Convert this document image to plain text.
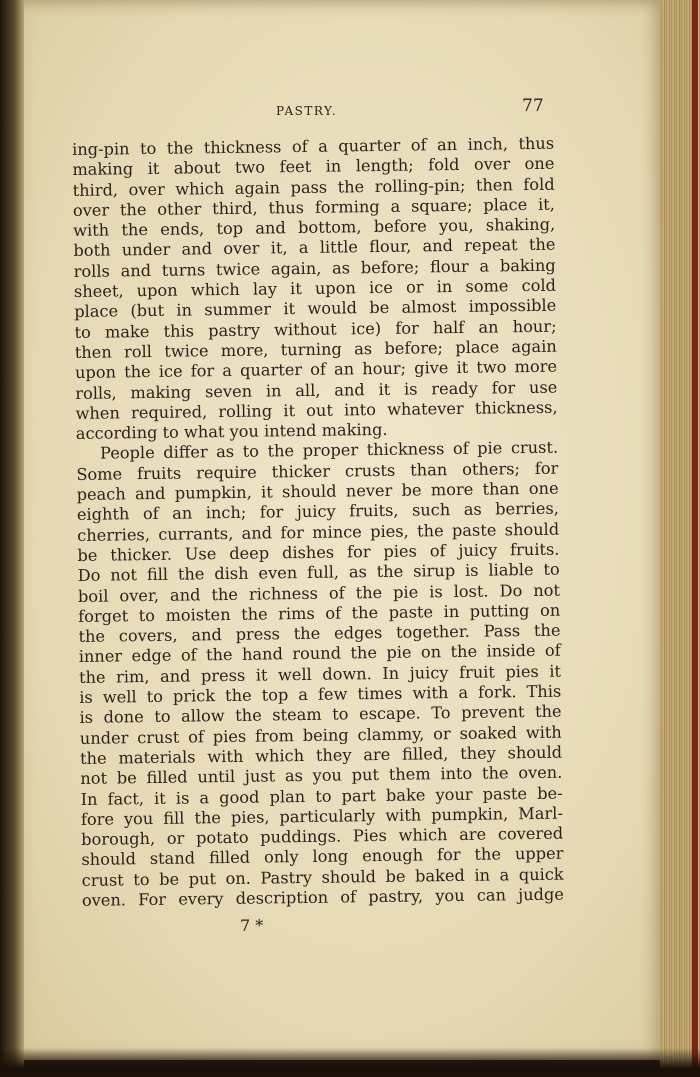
PASTRY.	77
ing-pin to the thickness of a quarter of an inch, thus
making it about two feet in length; fold over one
third, over which again pass the rolling-pin; then fold
over the other third, thus forming a square; place it,
with the ends, top and bottom, before you, shaking,
both under and over it, a little flour, and repeat the
rolls and turns twice again, as before; flour a baking
sheet, upon which lay it upon ice or in some cold
place (but in summer it would be almost impossible
to make this pastry without ice) for half an hour;
then roll twice more, turning as before; place again
upon the ice for a quarter of an hour; give it two more
rolls, making seven in all, and it is ready for use
when required, rolling it out into whatever thickness,
according to what you intend making.
People differ as to the proper thickness of pie crust.
Some fruits require thicker crusts than others; for
peach and pumpkin, it should never be more than one
eighth of an inch; for juicy fruits, such as berries,
cherries, currants, and for mince pies, the paste should
be thicker. Use deep dishes for pies of juicy fruits.
Do not fill the dish even full, as the sirup is liable to
boil over, and the richness of the pie is lost. Do not
forget to moisten the rims of the paste in putting on
the covers, and press the edges together. Pass the
inner edge of the hand round the pie on the inside of
the rim, and press it well down. In juicy fruit pies it
is well to prick the top a few times with a fork. This
is done to allow the steam to escape. To prevent the
under crust of pies from being clammy, or soaked with
the materials with which they are filled, they should
not be filled until just as you put them into the oven.
In fact, it is a good plan to part bake your paste be-
fore you fill the pies, particularly with pumpkin, Marl-
borough, or potato puddings. Pies which are covered
should stand filled only long enough for the upper
crust to be put on. Pastry should be baked in a quick
oven. For every description of pastry, you can judge
7 *
